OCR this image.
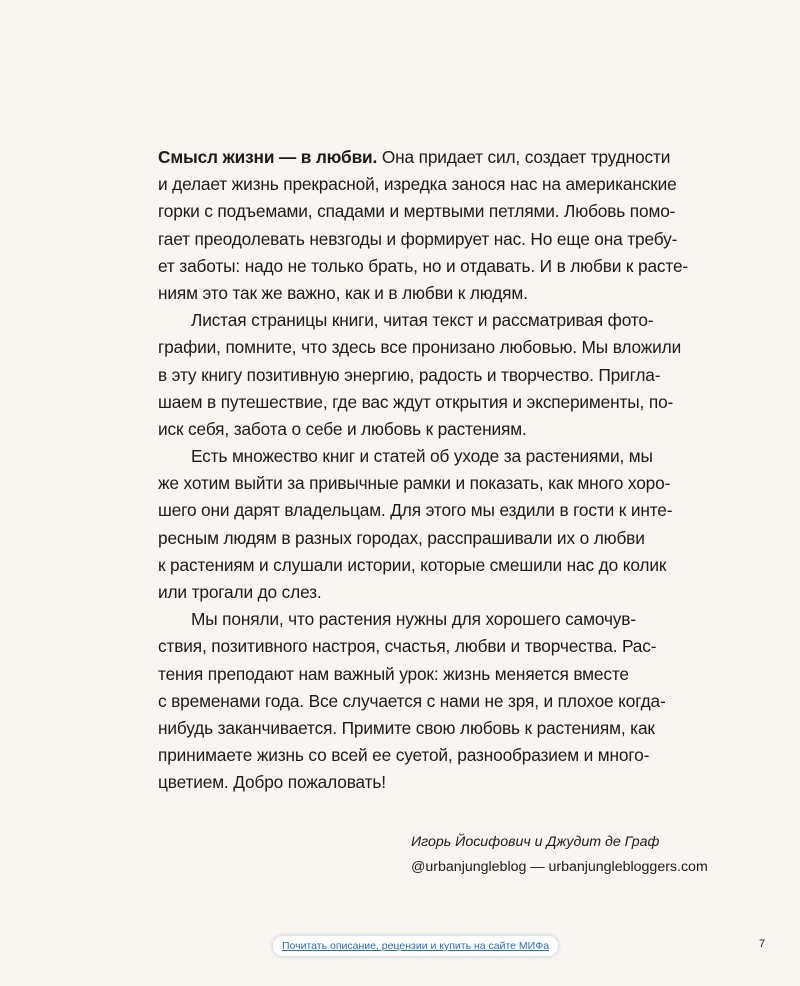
Смысл жизни — в любви. Она придает сил, создает трудности
и делает жизнь прекрасной, изредка занося нас на американские
горки с подъемами, спадами и мертвыми петлями. Любовь помо-
гает преодолевать невзгоды и формирует нас. Но еще она требу-
ет заботы: надо не только брать, но и отдавать. И в любви к расте-
ниям это так же важно, как и в любви к людям.
Листая страницы книги, читая текст и рассматривая фото-
графии, помните, что здесь все пронизано любовью. Мы вложили
в эту книгу позитивную энергию, радость и творчество. Пригла-
шаем в путешествие, где вас ждут открытия и эксперименты, по-
иск себя, забота о себе и любовь к растениям.
Есть множество книг и статей об уходе за растениями, мы
же хотим выйти за привычные рамки и показать, как много хоро-
шего они дарят владельцам. Для этого мы ездили в гости к инте-
ресным людям в разных городах, расспрашивали их о любви
к растениям и слушали истории, которые смешили нас до колик
или трогали до слез.
Мы поняли, что растения нужны для хорошего самочув-
ствия, позитивного настроя, счастья, любви и творчества. Рас-
тения преподают нам важный урок: жизнь меняется вместе
с временами года. Все случается с нами не зря, и плохое когда-
нибудь заканчивается. Примите свою любовь к растениям, как
принимаете жизнь со всей ее суетой, разнообразием и много-
цветием. Добро пожаловать!
Игорь Йосифович и Джудит де Граф
@urbanjungleblog — urbanjunglebloggers.com
Почитать описание, рецензии и купить на сайте МИФа	7
